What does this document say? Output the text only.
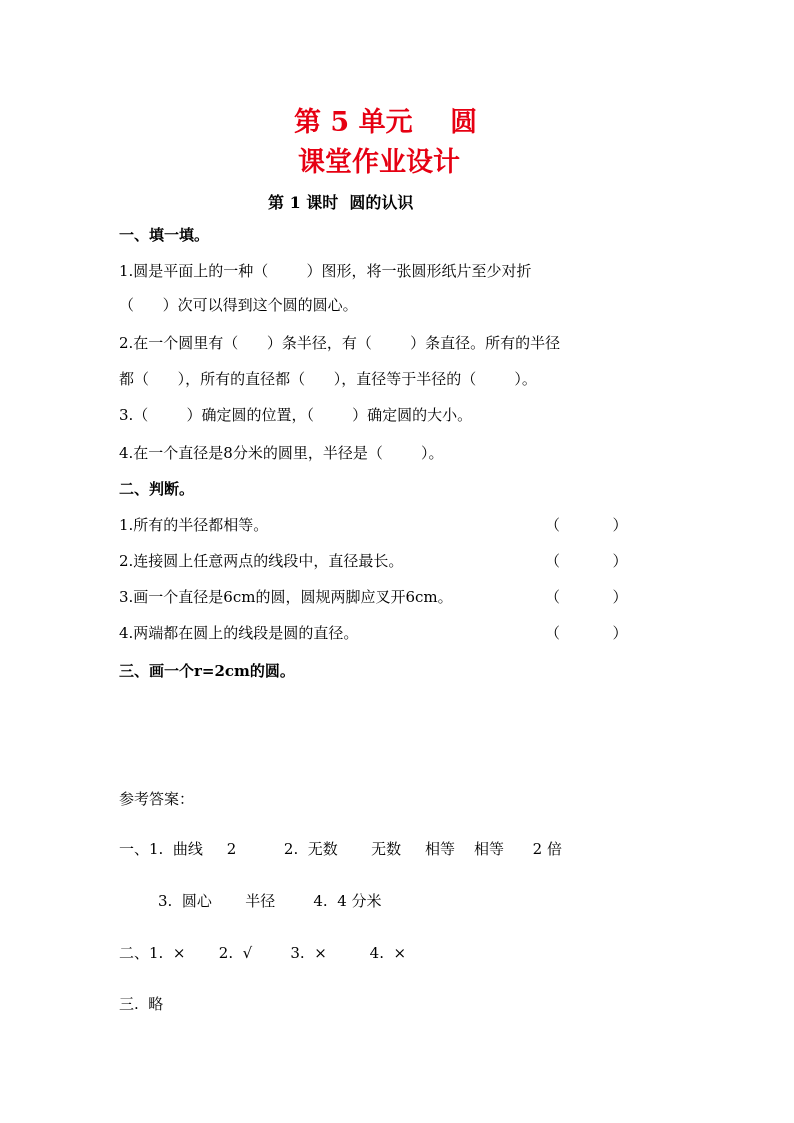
第 5 单元    圆
课堂作业设计
第 1 课时  圆的认识
一、填一填。
1.圆是平面上的一种（        ）图形，将一张圆形纸片至少对折
（      ）次可以得到这个圆的圆心。
2.在一个圆里有（      ）条半径，有（        ）条直径。所有的半径
都（      ），所有的直径都（      ），直径等于半径的（        ）。
3.（        ）确定圆的位置，（        ）确定圆的大小。
4.在一个直径是8分米的圆里，半径是（        ）。
二、判断。
1.所有的半径都相等。	（           ）
2.连接圆上任意两点的线段中，直径最长。	（           ）
3.画一个直径是6cm的圆，圆规两脚应叉开6cm。	（           ）
4.两端都在圆上的线段是圆的直径。	（           ）
三、画一个r=2cm的圆。
参考答案：
一、1.  曲线     2          2.  无数       无数     相等    相等      2 倍
3.  圆心       半径        4.  4 分米
二、1.  ×       2.  √        3.  ×         4.  ×
三.  略
